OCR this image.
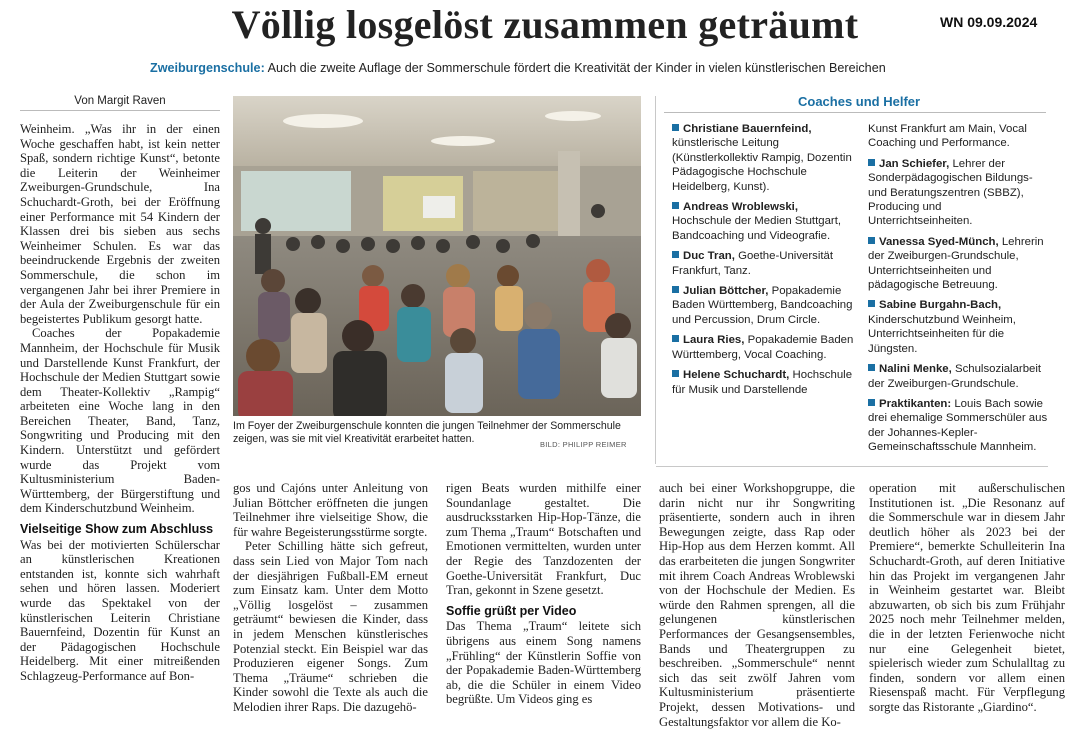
Völlig losgelöst zusammen geträumt	WN 09.09.2024
Zweiburgenschule: Auch die zweite Auflage der Sommerschule fördert die Kreativität der Kinder in vielen künstlerischen Bereichen
Von Margit Raven

Weinheim. „Was ihr in der einen Woche geschaffen habt, ist kein netter Spaß, sondern richtige Kunst“, betonte die Leiterin der Weinheimer Zweiburgen-Grundschule, Ina Schuchardt-Groth, bei der Eröffnung einer Performance mit 54 Kindern der Klassen drei bis sieben aus sechs Weinheimer Schulen. Es war das beeindruckende Ergebnis der zweiten Sommerschule, die schon im vergangenen Jahr bei ihrer Premiere in der Aula der Zweiburgenschule für ein begeistertes Publikum gesorgt hatte.

Coaches der Popakademie Mannheim, der Hochschule für Musik und Darstellende Kunst Frankfurt, der Hochschule der Medien Stuttgart sowie dem Theater-Kollektiv „Rampig“ arbeiteten eine Woche lang in den Bereichen Theater, Band, Tanz, Songwriting und Producing mit den Kindern. Unterstützt und gefördert wurde das Projekt vom Kultusministerium Baden-Württemberg, der Bürgerstiftung und dem Kinderschutzbund Weinheim.

Vielseitige Show zum Abschluss

Was bei der motivierten Schülerschar an künstlerischen Kreationen entstanden ist, konnte sich wahrhaft sehen und hören lassen. Moderiert wurde das Spektakel von der künstlerischen Leiterin Christiane Bauernfeind, Dozentin für Kunst an der Pädagogischen Hochschule Heidelberg. Mit einer mitreißenden Schlagzeug-Performance auf Bon-

Im Foyer der Zweiburgenschule konnten die jungen Teilnehmer der Sommerschule zeigen, was sie mit viel Kreativität erarbeitet hatten.	BILD: PHILIPP REIMER

gos und Cajóns unter Anleitung von Julian Böttcher eröffneten die jungen Teilnehmer ihre vielseitige Show, die für wahre Begeisterungsstürme sorgte.

Peter Schilling hätte sich gefreut, dass sein Lied von Major Tom nach der diesjährigen Fußball-EM erneut zum Einsatz kam. Unter dem Motto „Völlig losgelöst – zusammen geträumt“ bewiesen die Kinder, dass in jedem Menschen künstlerisches Potenzial steckt. Ein Beispiel war das Produzieren eigener Songs. Zum Thema „Träume“ schrieben die Kinder sowohl die Texte als auch die Melodien ihrer Raps. Die dazugehö-

rigen Beats wurden mithilfe einer Soundanlage gestaltet. Die ausdrucksstarken Hip-Hop-Tänze, die zum Thema „Traum“ Botschaften und Emotionen vermittelten, wurden unter der Regie des Tanzdozenten der Goethe-Universität Frankfurt, Duc Tran, gekonnt in Szene gesetzt.

Soffie grüßt per Video

Das Thema „Traum“ leitete sich übrigens aus einem Song namens „Frühling“ der Künstlerin Soffie von der Popakademie Baden-Württemberg ab, die die Schüler in einem Video begrüßte. Um Videos ging es

Coaches und Helfer
Christiane Bauernfeind, künstlerische Leitung (Künstlerkollektiv Rampig, Dozentin Pädagogische Hochschule Heidelberg, Kunst).
Andreas Wroblewski, Hochschule der Medien Stuttgart, Bandcoaching und Videografie.
Duc Tran, Goethe-Universität Frankfurt, Tanz.
Julian Böttcher, Popakademie Baden Württemberg, Bandcoaching und Percussion, Drum Circle.
Laura Ries, Popakademie Baden Württemberg, Vocal Coaching.
Helene Schuchardt, Hochschule für Musik und Darstellende
Kunst Frankfurt am Main, Vocal Coaching und Performance.
Jan Schiefer, Lehrer der Sonderpädagogischen Bildungs- und Beratungszentren (SBBZ), Producing und Unterrichtseinheiten.
Vanessa Syed-Münch, Lehrerin der Zweiburgen-Grundschule, Unterrichtseinheiten und pädagogische Betreuung.
Sabine Burgahn-Bach, Kinderschutzbund Weinheim, Unterrichtseinheiten für die Jüngsten.
Nalini Menke, Schulsozialarbeit der Zweiburgen-Grundschule.
Praktikanten: Louis Bach sowie drei ehemalige Sommerschüler aus der Johannes-Kepler-Gemeinschaftsschule Mannheim.

auch bei einer Workshopgruppe, die darin nicht nur ihr Songwriting präsentierte, sondern auch in ihren Bewegungen zeigte, dass Rap oder Hip-Hop aus dem Herzen kommt. All das erarbeiteten die jungen Songwriter mit ihrem Coach Andreas Wroblewski von der Hochschule der Medien. Es würde den Rahmen sprengen, all die gelungenen künstlerischen Performances der Gesangsensembles, Bands und Theatergruppen zu beschreiben. „Sommerschule“ nennt sich das seit zwölf Jahren vom Kultusministerium präsentierte Projekt, dessen Motivations- und Gestaltungsfaktor vor allem die Ko-

operation mit außerschulischen Institutionen ist. „Die Resonanz auf die Sommerschule war in diesem Jahr deutlich höher als 2023 bei der Premiere“, bemerkte Schulleiterin Ina Schuchardt-Groth, auf deren Initiative hin das Projekt im vergangenen Jahr in Weinheim gestartet war. Bleibt abzuwarten, ob sich bis zum Frühjahr 2025 noch mehr Teilnehmer melden, die in der letzten Ferienwoche nicht nur eine Gelegenheit bietet, spielerisch wieder zum Schulalltag zu finden, sondern vor allem einen Riesenspaß macht. Für Verpflegung sorgte das Ristorante „Giardino“.
